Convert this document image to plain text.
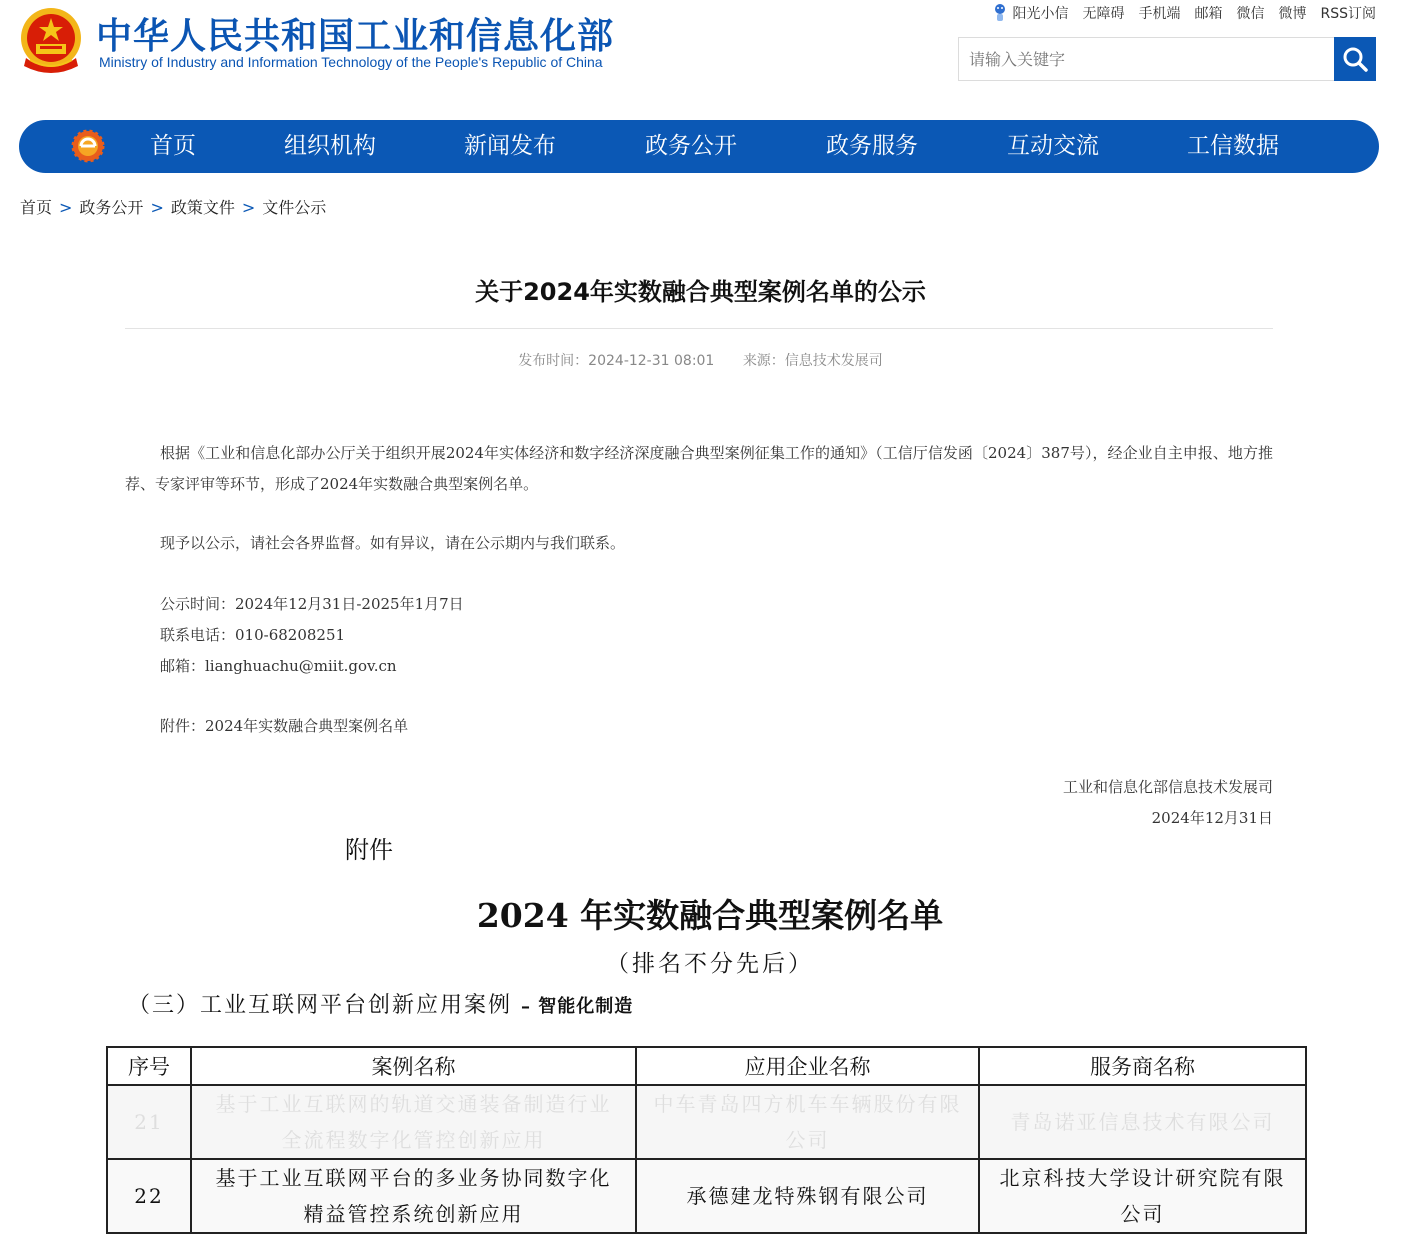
中华人民共和国工业和信息化部
Ministry of Industry and Information Technology of the People's Republic of China
阳光小信 无障碍 手机端 邮箱 微信 微博 RSS订阅
请输入关键字
首页	组织机构	新闻发布	政务公开	政务服务	互动交流	工信数据
首页 > 政务公开 > 政策文件 > 文件公示
关于2024年实数融合典型案例名单的公示
发布时间：2024-12-31 08:01 来源：信息技术发展司
根据《工业和信息化部办公厅关于组织开展2024年实体经济和数字经济深度融合典型案例征集工作的通知》（工信厅信发函〔2024〕387号），经企业自主申报、地方推荐、专家评审等环节，形成了2024年实数融合典型案例名单。
现予以公示，请社会各界监督。如有异议，请在公示期内与我们联系。
公示时间：2024年12月31日-2025年1月7日
联系电话：010-68208251
邮箱：lianghuachu@miit.gov.cn
附件：2024年实数融合典型案例名单
工业和信息化部信息技术发展司
2024年12月31日
附件
2024 年实数融合典型案例名单
（排名不分先后）
（三）工业互联网平台创新应用案例 – 智能化制造
序号	案例名称	应用企业名称	服务商名称
21	基于工业互联网的轨道交通装备制造行业全流程数字化管控创新应用	中车青岛四方机车车辆股份有限公司	青岛诺亚信息技术有限公司
22	基于工业互联网平台的多业务协同数字化精益管控系统创新应用	承德建龙特殊钢有限公司	北京科技大学设计研究院有限公司
